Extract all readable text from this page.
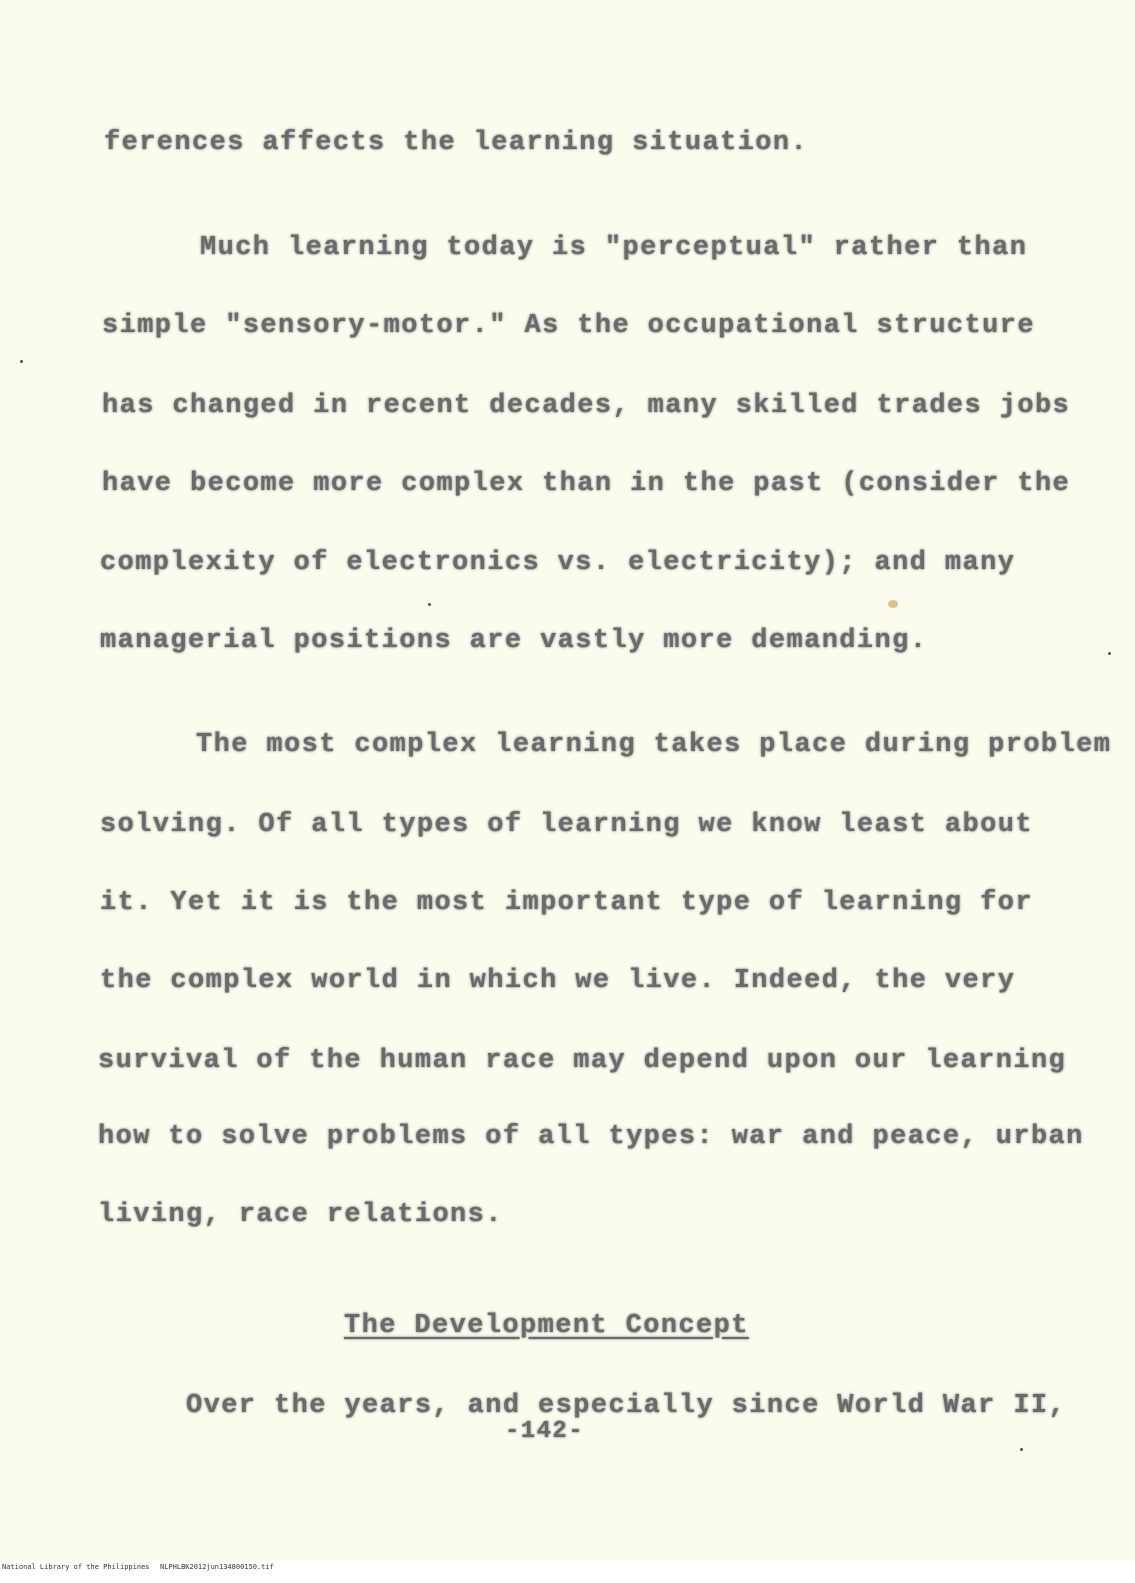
ferences affects the learning situation.

Much learning today is "perceptual" rather than

simple "sensory-motor." As the occupational structure

has changed in recent decades, many skilled trades jobs

have become more complex than in the past (consider the

complexity of electronics vs. electricity); and many

managerial positions are vastly more demanding.

The most complex learning takes place during problem

solving. Of all types of learning we know least about

it. Yet it is the most important type of learning for

the complex world in which we live. Indeed, the very

survival of the human race may depend upon our learning

how to solve problems of all types: war and peace, urban

living, race relations.

The Development Concept

Over the years, and especially since World War II,

-142-

National Library of the Philippines NLPHLBK2012jun134800150.tif
